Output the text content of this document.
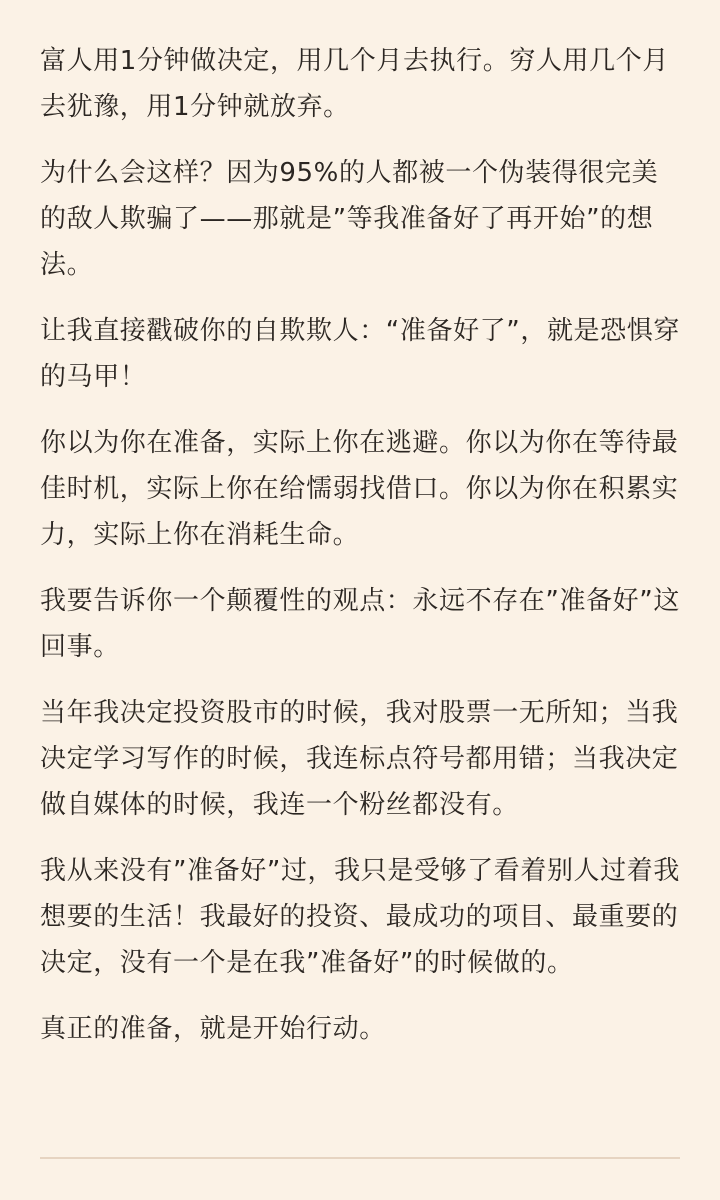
富人用1分钟做决定，用几个月去执行。穷人用几个月去犹豫，用1分钟就放弃。

为什么会这样？因为95%的人都被一个伪装得很完美的敌人欺骗了——那就是”等我准备好了再开始”的想法。

让我直接戳破你的自欺欺人：“准备好了”，就是恐惧穿的马甲！

你以为你在准备，实际上你在逃避。你以为你在等待最佳时机，实际上你在给懦弱找借口。你以为你在积累实力，实际上你在消耗生命。

我要告诉你一个颠覆性的观点：永远不存在”准备好”这回事。

当年我决定投资股市的时候，我对股票一无所知；当我决定学习写作的时候，我连标点符号都用错；当我决定做自媒体的时候，我连一个粉丝都没有。

我从来没有”准备好”过，我只是受够了看着别人过着我想要的生活！我最好的投资、最成功的项目、最重要的决定，没有一个是在我”准备好”的时候做的。

真正的准备，就是开始行动。
